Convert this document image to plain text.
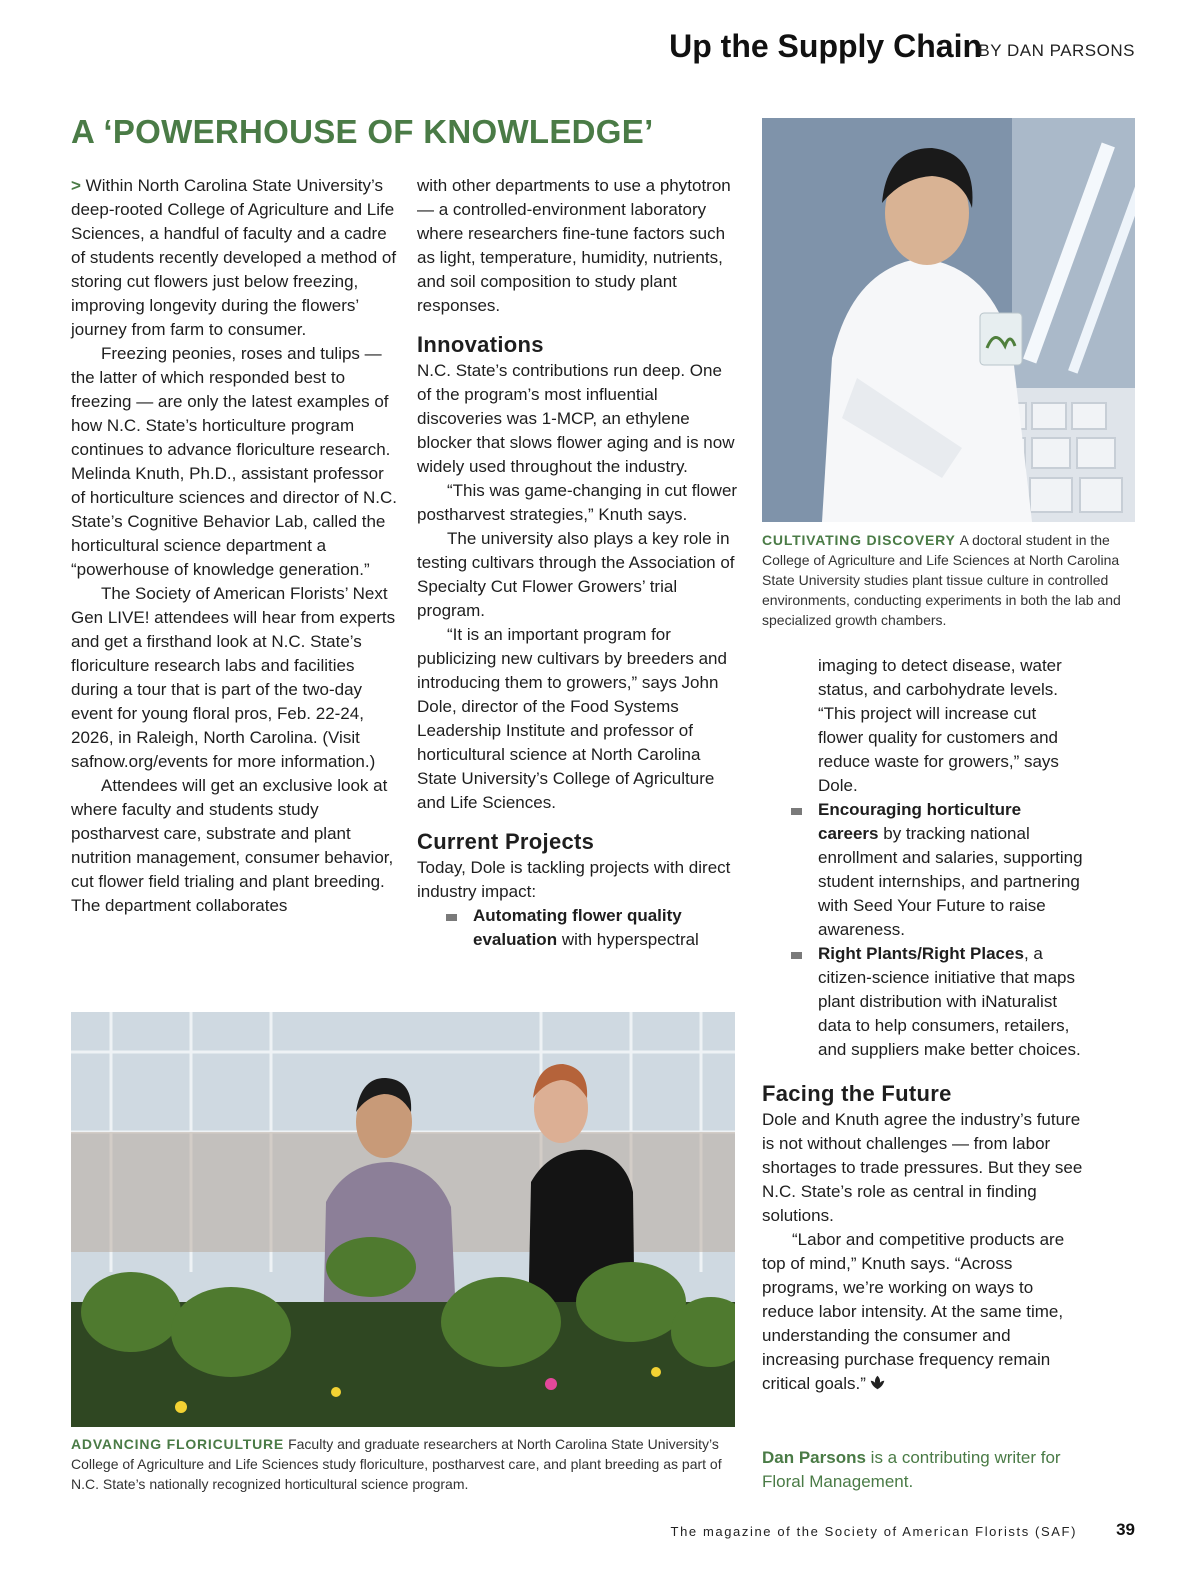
Up the Supply Chain
BY DAN PARSONS
A ‘POWERHOUSE OF KNOWLEDGE’

> Within North Carolina State University’s deep-rooted College of Agriculture and Life Sciences, a handful of faculty and a cadre of students recently developed a method of storing cut flowers just below freezing, improving longevity during the flowers’ journey from farm to consumer.

Freezing peonies, roses and tulips — the latter of which responded best to freezing — are only the latest examples of how N.C. State’s horticulture program continues to advance floriculture research. Melinda Knuth, Ph.D., assistant professor of horticulture sciences and director of N.C. State’s Cognitive Behavior Lab, called the horticultural science department a “powerhouse of knowledge generation.”

The Society of American Florists’ Next Gen LIVE! attendees will hear from experts and get a firsthand look at N.C. State’s floriculture research labs and facilities during a tour that is part of the two-day event for young floral pros, Feb. 22-24, 2026, in Raleigh, North Carolina. (Visit safnow.org/events for more information.)

Attendees will get an exclusive look at where faculty and students study postharvest care, substrate and plant nutrition management, consumer behavior, cut flower field trialing and plant breeding. The department collaborates

with other departments to use a phytotron — a controlled-environment laboratory where researchers fine-tune factors such as light, temperature, humidity, nutrients, and soil composition to study plant responses.

Innovations

N.C. State’s contributions run deep. One of the program’s most influential discoveries was 1-MCP, an ethylene blocker that slows flower aging and is now widely used throughout the industry.

“This was game-changing in cut flower postharvest strategies,” Knuth says.

The university also plays a key role in testing cultivars through the Association of Specialty Cut Flower Growers’ trial program.

“It is an important program for publicizing new cultivars by breeders and introducing them to growers,” says John Dole, director of the Food Systems Leadership Institute and professor of horticultural science at North Carolina State University’s College of Agriculture and Life Sciences.

Current Projects

Today, Dole is tackling projects with direct industry impact:

Automating flower quality evaluation with hyperspectral
CULTIVATING DISCOVERY A doctoral student in the College of Agriculture and Life Sciences at North Carolina State University studies plant tissue culture in controlled environments, conducting experiments in both the lab and specialized growth chambers.
imaging to detect disease, water status, and carbohydrate levels. “This project will increase cut flower quality for customers and reduce waste for growers,” says Dole.
Encouraging horticulture careers by tracking national enrollment and salaries, supporting student internships, and partnering with Seed Your Future to raise awareness.
Right Plants/Right Places, a citizen-science initiative that maps plant distribution with iNaturalist data to help consumers, retailers, and suppliers make better choices.
Facing the Future

Dole and Knuth agree the industry’s future is not without challenges — from labor shortages to trade pressures. But they see N.C. State’s role as central in finding solutions.

“Labor and competitive products are top of mind,” Knuth says. “Across programs, we’re working on ways to reduce labor intensity. At the same time, understanding the consumer and increasing purchase frequency remain critical goals.”

ADVANCING FLORICULTURE Faculty and graduate researchers at North Carolina State University’s College of Agriculture and Life Sciences study floriculture, postharvest care, and plant breeding as part of N.C. State’s nationally recognized horticultural science program.
Dan Parsons is a contributing writer for Floral Management.
The magazine of the Society of American Florists (SAF) 39
